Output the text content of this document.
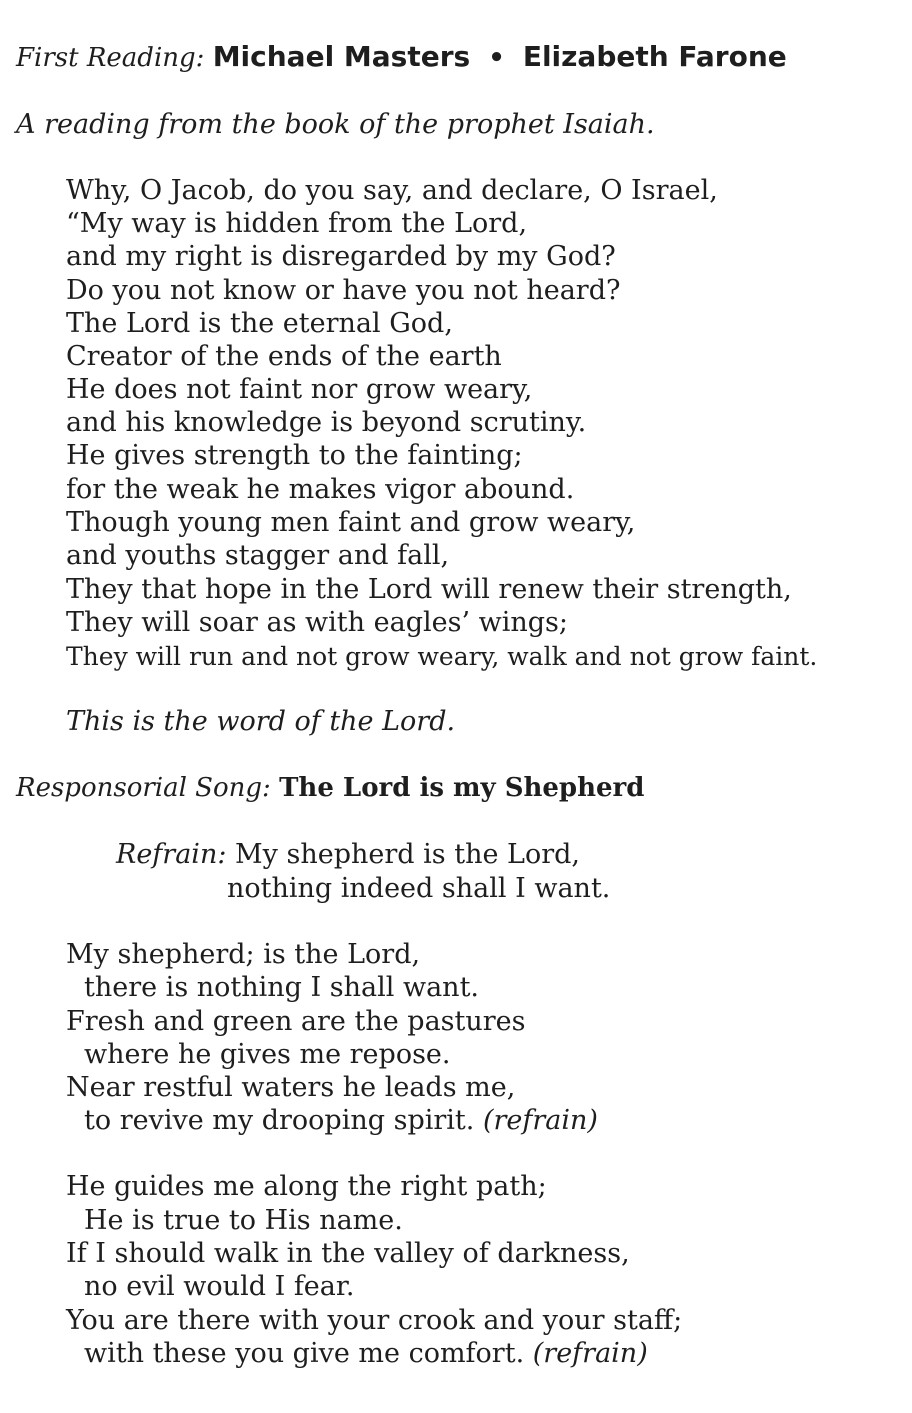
First Reading: Michael Masters • Elizabeth Farone
A reading from the book of the prophet Isaiah.
Why, O Jacob, do you say, and declare, O Israel,
“My way is hidden from the Lord,
and my right is disregarded by my God?
Do you not know or have you not heard?
The Lord is the eternal God,
Creator of the ends of the earth
He does not faint nor grow weary,
and his knowledge is beyond scrutiny.
He gives strength to the fainting;
for the weak he makes vigor abound.
Though young men faint and grow weary,
and youths stagger and fall,
They that hope in the Lord will renew their strength,
They will soar as with eagles’ wings;
They will run and not grow weary, walk and not grow faint.
This is the word of the Lord.
Responsorial Song: The Lord is my Shepherd
Refrain: My shepherd is the Lord,
nothing indeed shall I want.
My shepherd; is the Lord,
there is nothing I shall want.
Fresh and green are the pastures
where he gives me repose.
Near restful waters he leads me,
to revive my drooping spirit. (refrain)
He guides me along the right path;
He is true to His name.
If I should walk in the valley of darkness,
no evil would I fear.
You are there with your crook and your staff;
with these you give me comfort. (refrain)
